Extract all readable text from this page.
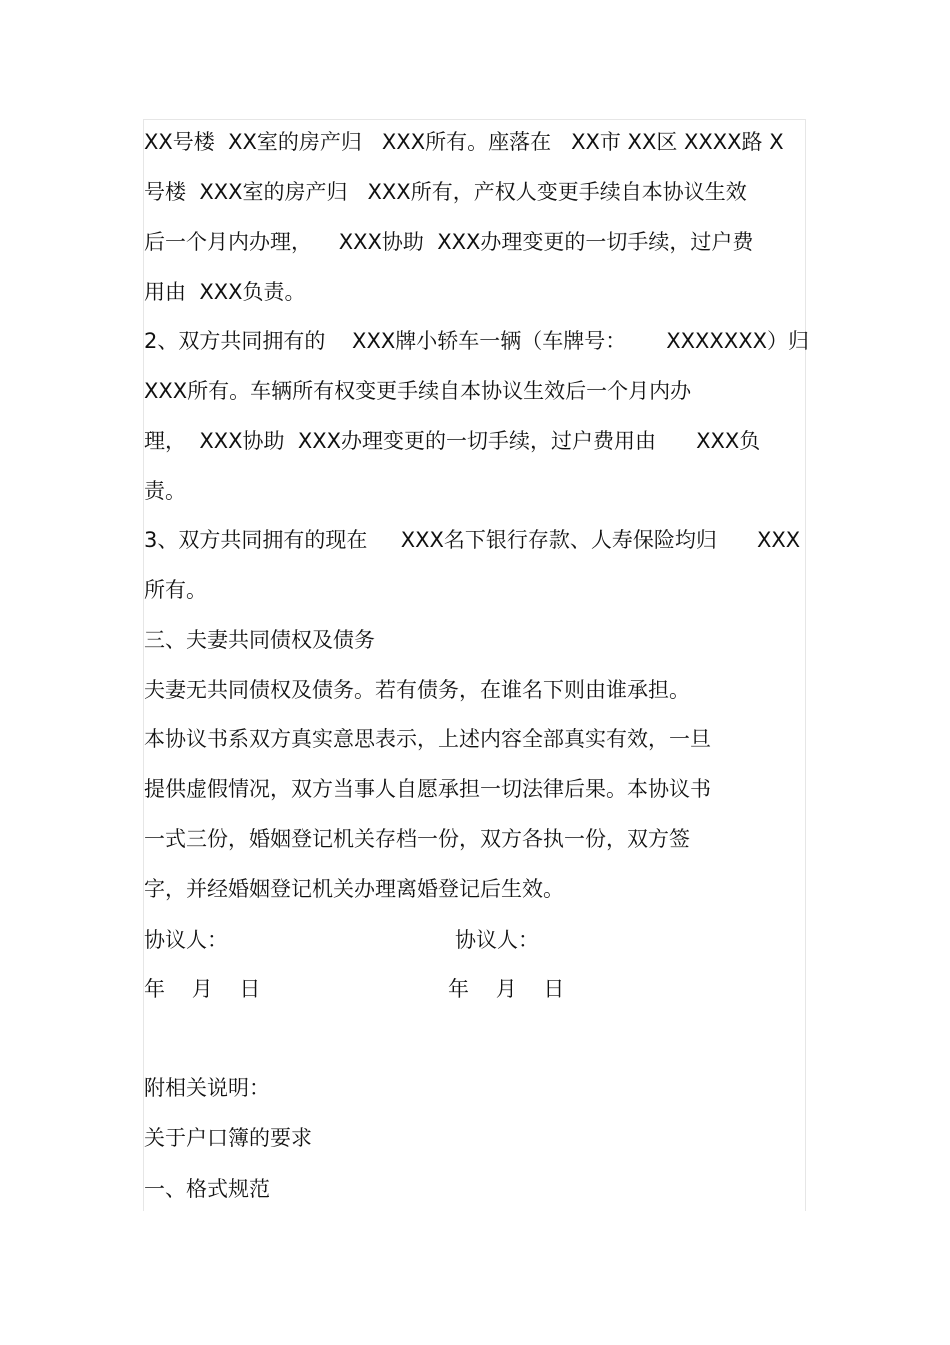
XX号楼  XX室的房产归   XXX所有。座落在   XX市 XX区 XXXX路 X
号楼  XXX室的房产归   XXX所有，产权人变更手续自本协议生效
后一个月内办理，    XXX协助  XXX办理变更的一切手续，过户费
用由  XXX负责。
2、双方共同拥有的    XXX牌小轿车一辆（车牌号：      XXXXXXX）归
XXX所有。车辆所有权变更手续自本协议生效后一个月内办
理，  XXX协助  XXX办理变更的一切手续，过户费用由      XXX负
责。
3、双方共同拥有的现在     XXX名下银行存款、人寿保险均归      XXX
所有。
三、夫妻共同债权及债务
夫妻无共同债权及债务。若有债务，在谁名下则由谁承担。
本协议书系双方真实意思表示，上述内容全部真实有效，一旦
提供虚假情况，双方当事人自愿承担一切法律后果。本协议书
一式三份，婚姻登记机关存档一份，双方各执一份，双方签
字，并经婚姻登记机关办理离婚登记后生效。
协议人：	协议人：
年    月    日	年    月    日
附相关说明：
关于户口簿的要求
一、格式规范
